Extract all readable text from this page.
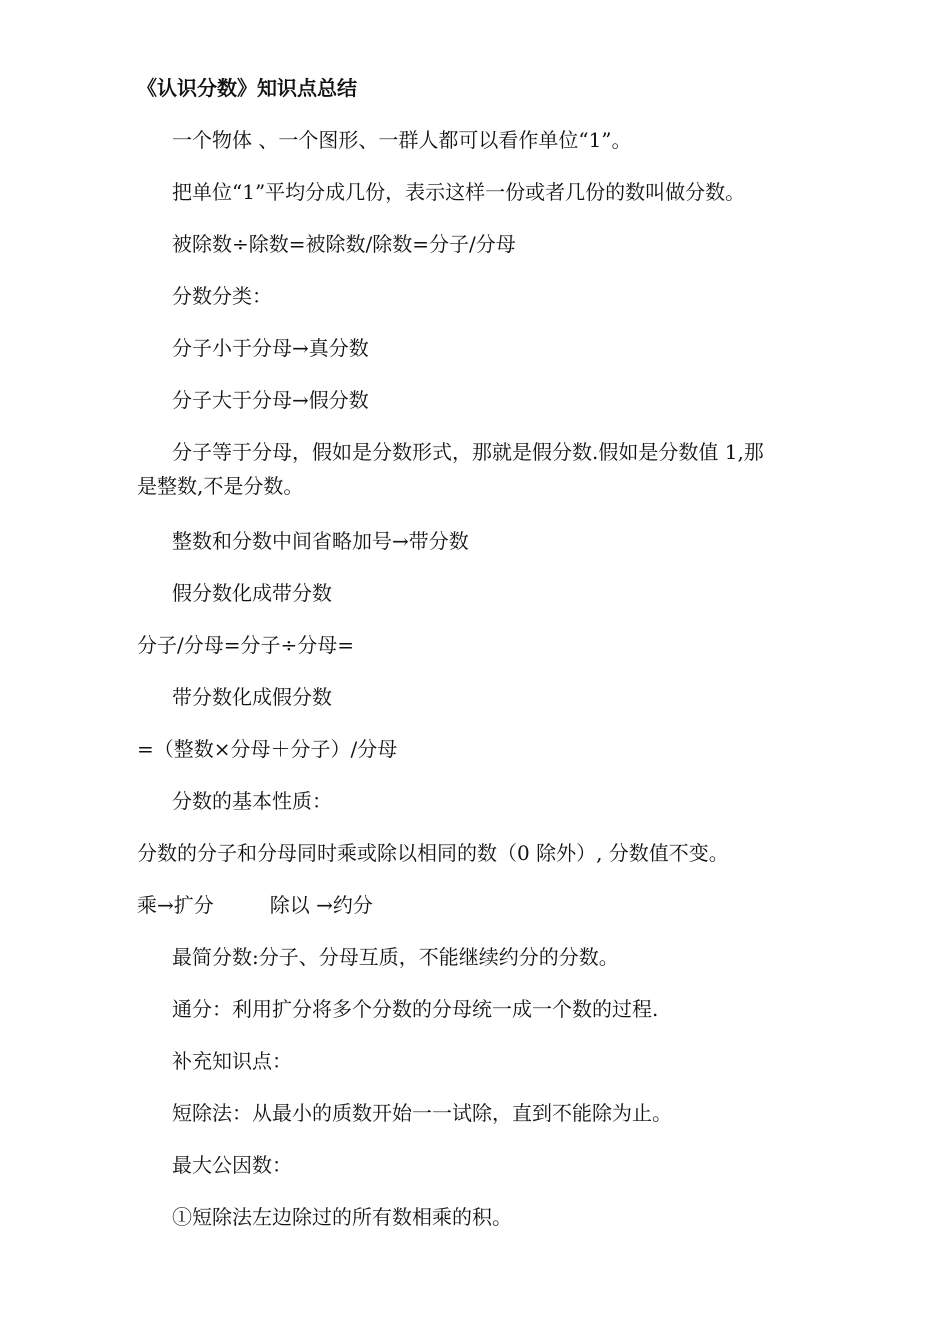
《认识分数》知识点总结
一个物体 、一个图形、一群人都可以看作单位“1”。
把单位“1”平均分成几份，表示这样一份或者几份的数叫做分数。
被除数÷除数=被除数/除数=分子/分母
分数分类：
分子小于分母→真分数
分子大于分母→假分数
分子等于分母，假如是分数形式，那就是假分数.假如是分数值 1,那
是整数,不是分数。
整数和分数中间省略加号→带分数
假分数化成带分数
分子/分母=分子÷分母=
带分数化成假分数
=（整数×分母＋分子）/分母
分数的基本性质：
分数的分子和分母同时乘或除以相同的数（0 除外）, 分数值不变。
乘→扩分	除以 →约分
最简分数:分子、分母互质，不能继续约分的分数。
通分：利用扩分将多个分数的分母统一成一个数的过程.
补充知识点：
短除法：从最小的质数开始一一试除，直到不能除为止。
最大公因数：
①短除法左边除过的所有数相乘的积。
